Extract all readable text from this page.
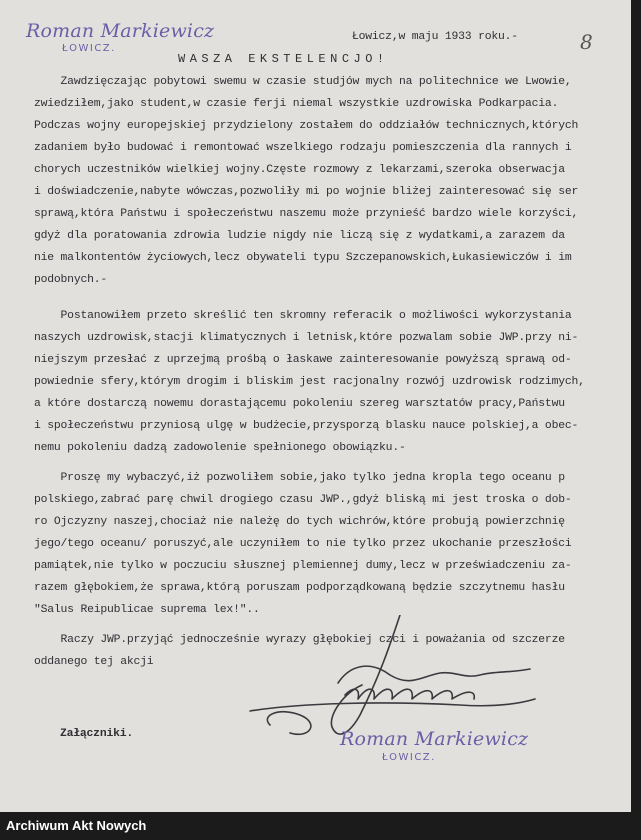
Roman Markiewicz
ŁOWICZ.	8
Łowicz,w maju 1933 roku.-
WASZA EKSTELENCJO!
Zawdzięczając pobytowi swemu w czasie studjów mych na politechnice we Lwowie,
zwiedziłem,jako student,w czasie ferji niemal wszystkie uzdrowiska Podkarpacia.
Podczas wojny europejskiej przydzielony zostałem do oddziałów technicznych,których
zadaniem było budować i remontować wszelkiego rodzaju pomieszczenia dla rannych i
chorych uczestników wielkiej wojny.Częste rozmowy z lekarzami,szeroka obserwacja
i doświadczenie,nabyte wówczas,pozwoliły mi po wojnie bliżej zainteresować się ser
sprawą,która Państwu i społeczeństwu naszemu może przynieść bardzo wiele korzyści,
gdyż dla poratowania zdrowia ludzie nigdy nie liczą się z wydatkami,a zarazem da
nie malkontentów życiowych,lecz obywateli typu Szczepanowskich,Łukasiewiczów i im
podobnych.-
Postanowiłem przeto skreślić ten skromny referacik o możliwości wykorzystania
naszych uzdrowisk,stacji klimatycznych i letnisk,które pozwalam sobie JWP.przy ni-
niejszym przesłać z uprzejmą prośbą o łaskawe zainteresowanie powyższą sprawą od-
powiednie sfery,którym drogim i bliskim jest racjonalny rozwój uzdrowisk rodzimych,
a które dostarczą nowemu dorastającemu pokoleniu szereg warsztatów pracy,Państwu
i społeczeństwu przyniosą ulgę w budżecie,przysporzą blasku nauce polskiej,a obec-
nemu pokoleniu dadzą zadowolenie spełnionego obowiązku.-
Proszę my wybaczyć,iż pozwoliłem sobie,jako tylko jedna kropla tego oceanu p
polskiego,zabrać parę chwil drogiego czasu JWP.,gdyż bliską mi jest troska o dob-
ro Ojczyzny naszej,chociaż nie należę do tych wichrów,które probują powierzchnię
jego/tego oceanu/ poruszyć,ale uczyniłem to nie tylko przez ukochanie przeszłości
pamiątek,nie tylko w poczuciu słusznej plemiennej dumy,lecz w przeświadczeniu za-
razem głębokiem,że sprawa,którą poruszam podporządkowaną będzie szczytnemu hasłu
"Salus Reipublicae suprema lex!"..
Raczy JWP.przyjąć jednocześnie wyrazy głębokiej czci i poważania od szczerze
oddanego tej akcji
Roman Markiewicz
ŁOWICZ.
Załączniki.
Archiwum Akt Nowych
